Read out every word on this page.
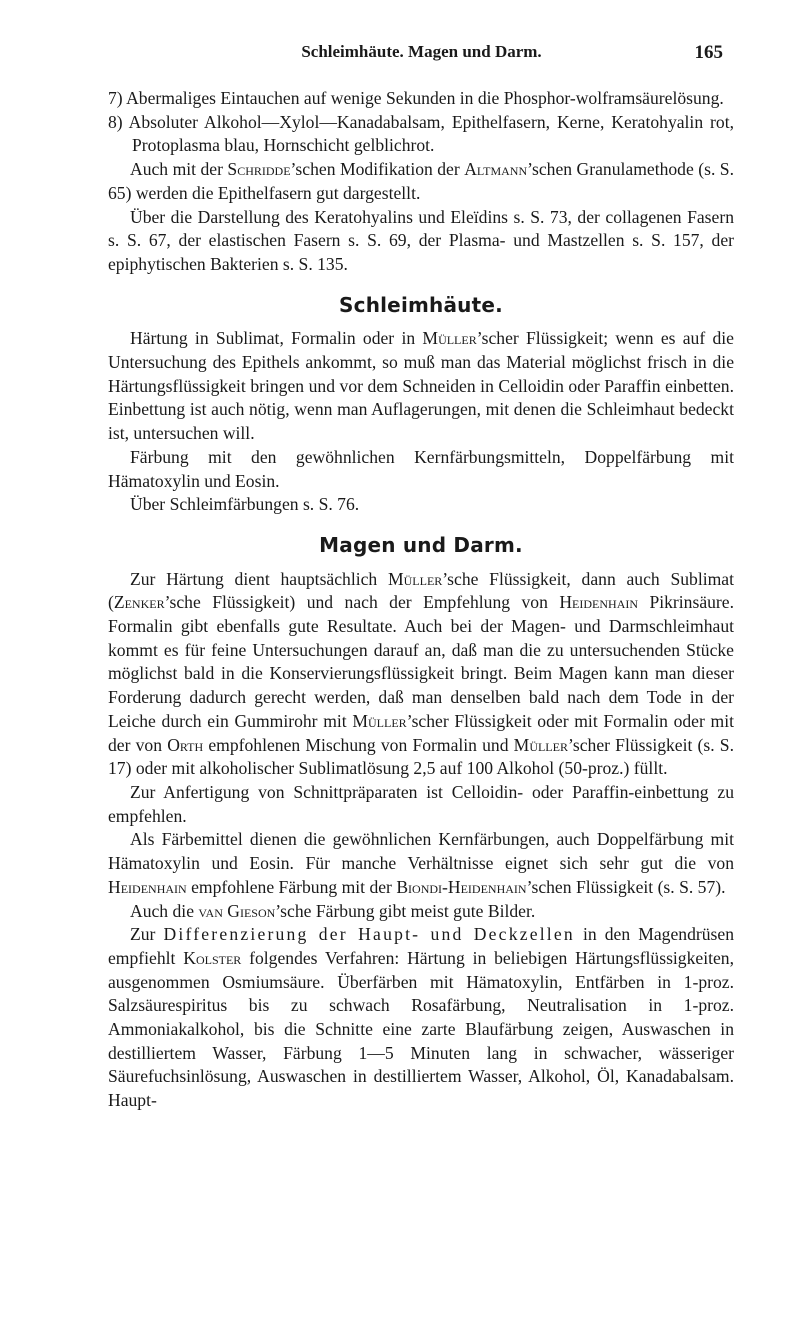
Schleimhäute. Magen und Darm.	165

7) Abermaliges Eintauchen auf wenige Sekunden in die Phosphor-wolframsäurelösung.

8) Absoluter Alkohol—Xylol—Kanadabalsam, Epithelfasern, Kerne, Keratohyalin rot, Protoplasma blau, Hornschicht gelblichrot.

Auch mit der Schridde’schen Modifikation der Altmann’schen Granulamethode (s. S. 65) werden die Epithelfasern gut dargestellt.

Über die Darstellung des Keratohyalins und Eleïdins s. S. 73, der collagenen Fasern s. S. 67, der elastischen Fasern s. S. 69, der Plasma- und Mastzellen s. S. 157, der epiphytischen Bakterien s. S. 135.

Schleimhäute.

Härtung in Sublimat, Formalin oder in Müller’scher Flüssigkeit; wenn es auf die Untersuchung des Epithels ankommt, so muß man das Material möglichst frisch in die Härtungsflüssigkeit bringen und vor dem Schneiden in Celloidin oder Paraffin einbetten. Einbettung ist auch nötig, wenn man Auflagerungen, mit denen die Schleimhaut bedeckt ist, untersuchen will.

Färbung mit den gewöhnlichen Kernfärbungsmitteln, Doppelfärbung mit Hämatoxylin und Eosin.

Über Schleimfärbungen s. S. 76.

Magen und Darm.

Zur Härtung dient hauptsächlich Müller’sche Flüssigkeit, dann auch Sublimat (Zenker’sche Flüssigkeit) und nach der Empfehlung von Heidenhain Pikrinsäure. Formalin gibt ebenfalls gute Resultate. Auch bei der Magen- und Darmschleimhaut kommt es für feine Untersuchungen darauf an, daß man die zu untersuchenden Stücke möglichst bald in die Konservierungsflüssigkeit bringt. Beim Magen kann man dieser Forderung dadurch gerecht werden, daß man denselben bald nach dem Tode in der Leiche durch ein Gummirohr mit Müller’scher Flüssigkeit oder mit Formalin oder mit der von Orth empfohlenen Mischung von Formalin und Müller’scher Flüssigkeit (s. S. 17) oder mit alkoholischer Sublimatlösung 2,5 auf 100 Alkohol (50-proz.) füllt.

Zur Anfertigung von Schnittpräparaten ist Celloidin- oder Paraffin-einbettung zu empfehlen.

Als Färbemittel dienen die gewöhnlichen Kernfärbungen, auch Doppelfärbung mit Hämatoxylin und Eosin. Für manche Verhältnisse eignet sich sehr gut die von Heidenhain empfohlene Färbung mit der Biondi-Heidenhain’schen Flüssigkeit (s. S. 57).

Auch die van Gieson’sche Färbung gibt meist gute Bilder.

Zur Differenzierung der Haupt- und Deckzellen in den Magendrüsen empfiehlt Kolster folgendes Verfahren: Härtung in beliebigen Härtungsflüssigkeiten, ausgenommen Osmiumsäure. Überfärben mit Hämatoxylin, Entfärben in 1-proz. Salzsäurespiritus bis zu schwach Rosafärbung, Neutralisation in 1-proz. Ammoniakalkohol, bis die Schnitte eine zarte Blaufärbung zeigen, Auswaschen in destilliertem Wasser, Färbung 1—5 Minuten lang in schwacher, wässeriger Säurefuchsinlösung, Auswaschen in destilliertem Wasser, Alkohol, Öl, Kanadabalsam. Haupt-
